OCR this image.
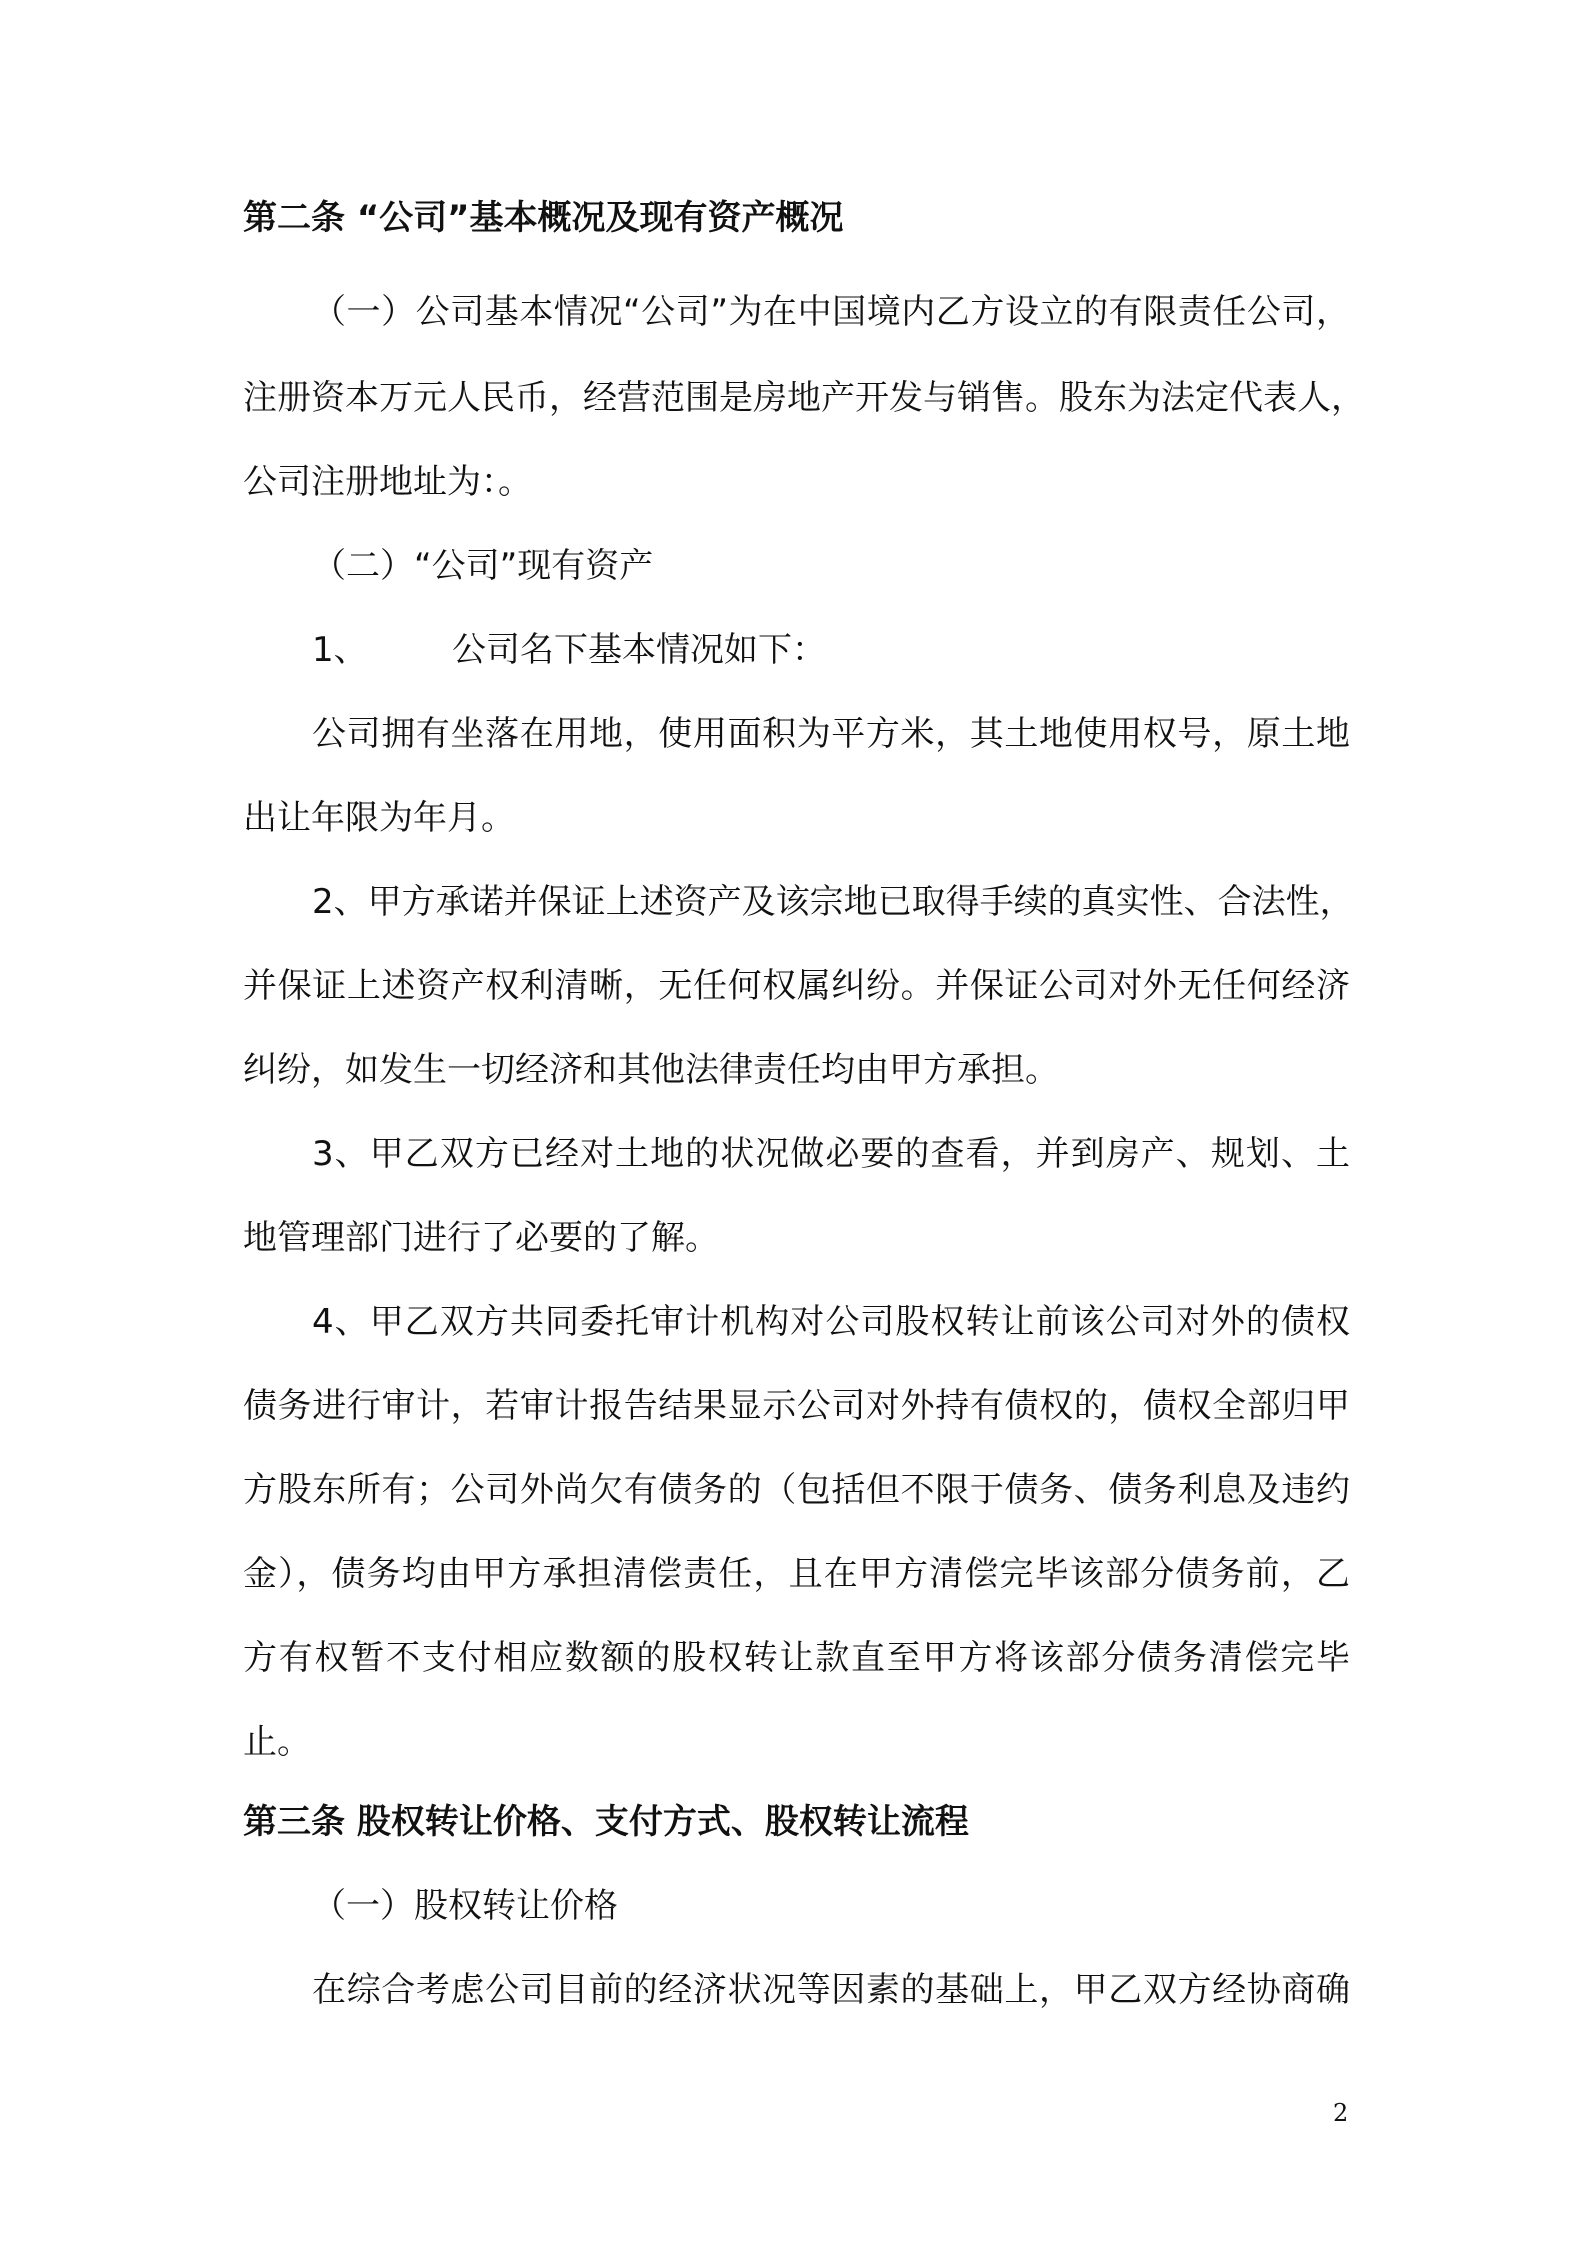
第二条 “公司”基本概况及现有资产概况

（一）公司基本情况“公司”为在中国境内乙方设立的有限责任公司，

注册资本万元人民币，经营范围是房地产开发与销售。股东为法定代表人，

公司注册地址为：。

（二）“公司”现有资产

1、 公司名下基本情况如下：

公司拥有坐落在用地，使用面积为平方米，其土地使用权号，原土地

出让年限为年月。

2、甲方承诺并保证上述资产及该宗地已取得手续的真实性、合法性，

并保证上述资产权利清晰，无任何权属纠纷。并保证公司对外无任何经济

纠纷，如发生一切经济和其他法律责任均由甲方承担。

3、甲乙双方已经对土地的状况做必要的查看，并到房产、规划、土

地管理部门进行了必要的了解。

4、甲乙双方共同委托审计机构对公司股权转让前该公司对外的债权

债务进行审计，若审计报告结果显示公司对外持有债权的，债权全部归甲

方股东所有；公司外尚欠有债务的（包括但不限于债务、债务利息及违约

金），债务均由甲方承担清偿责任，且在甲方清偿完毕该部分债务前，乙

方有权暂不支付相应数额的股权转让款直至甲方将该部分债务清偿完毕

止。

第三条 股权转让价格、支付方式、股权转让流程

（一）股权转让价格

在综合考虑公司目前的经济状况等因素的基础上，甲乙双方经协商确

2
